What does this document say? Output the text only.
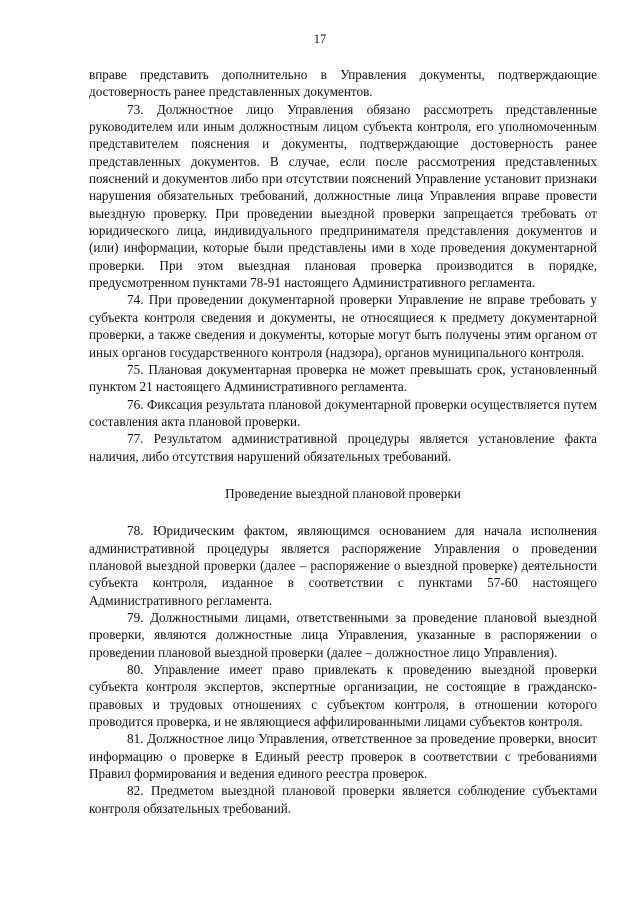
17

вправе представить дополнительно в Управления документы, подтверждающие достоверность ранее представленных документов.

73. Должностное лицо Управления обязано рассмотреть представленные руководителем или иным должностным лицом субъекта контроля, его уполномоченным представителем пояснения и документы, подтверждающие достоверность ранее представленных документов. В случае, если после рассмотрения представленных пояснений и документов либо при отсутствии пояснений Управление установит признаки нарушения обязательных требований, должностные лица Управления вправе провести выездную проверку. При проведении выездной проверки запрещается требовать от юридического лица, индивидуального предпринимателя представления документов и (или) информации, которые были представлены ими в ходе проведения документарной проверки. При этом выездная плановая проверка производится в порядке, предусмотренном пунктами 78-91 настоящего Административного регламента.

74. При проведении документарной проверки Управление не вправе требовать у субъекта контроля сведения и документы, не относящиеся к предмету документарной проверки, а также сведения и документы, которые могут быть получены этим органом от иных органов государственного контроля (надзора), органов муниципального контроля.

75. Плановая документарная проверка не может превышать срок, установленный пунктом 21 настоящего Административного регламента.

76. Фиксация результата плановой документарной проверки осуществляется путем составления акта плановой проверки.

77. Результатом административной процедуры является установление факта наличия, либо отсутствия нарушений обязательных требований.

Проведение выездной плановой проверки

78. Юридическим фактом, являющимся основанием для начала исполнения административной процедуры является распоряжение Управления о проведении плановой выездной проверки (далее – распоряжение о выездной проверке) деятельности субъекта контроля, изданное в соответствии с пунктами 57-60 настоящего Административного регламента.

79. Должностными лицами, ответственными за проведение плановой выездной проверки, являются должностные лица Управления, указанные в распоряжении о проведении плановой выездной проверки (далее – должностное лицо Управления).

80. Управление имеет право привлекать к проведению выездной проверки субъекта контроля экспертов, экспертные организации, не состоящие в гражданско-правовых и трудовых отношениях с субъектом контроля, в отношении которого проводится проверка, и не являющиеся аффилированными лицами субъектов контроля.

81. Должностное лицо Управления, ответственное за проведение проверки, вносит информацию о проверке в Единый реестр проверок в соответствии с требованиями Правил формирования и ведения единого реестра проверок.

82. Предметом выездной плановой проверки является соблюдение субъектами контроля обязательных требований.
